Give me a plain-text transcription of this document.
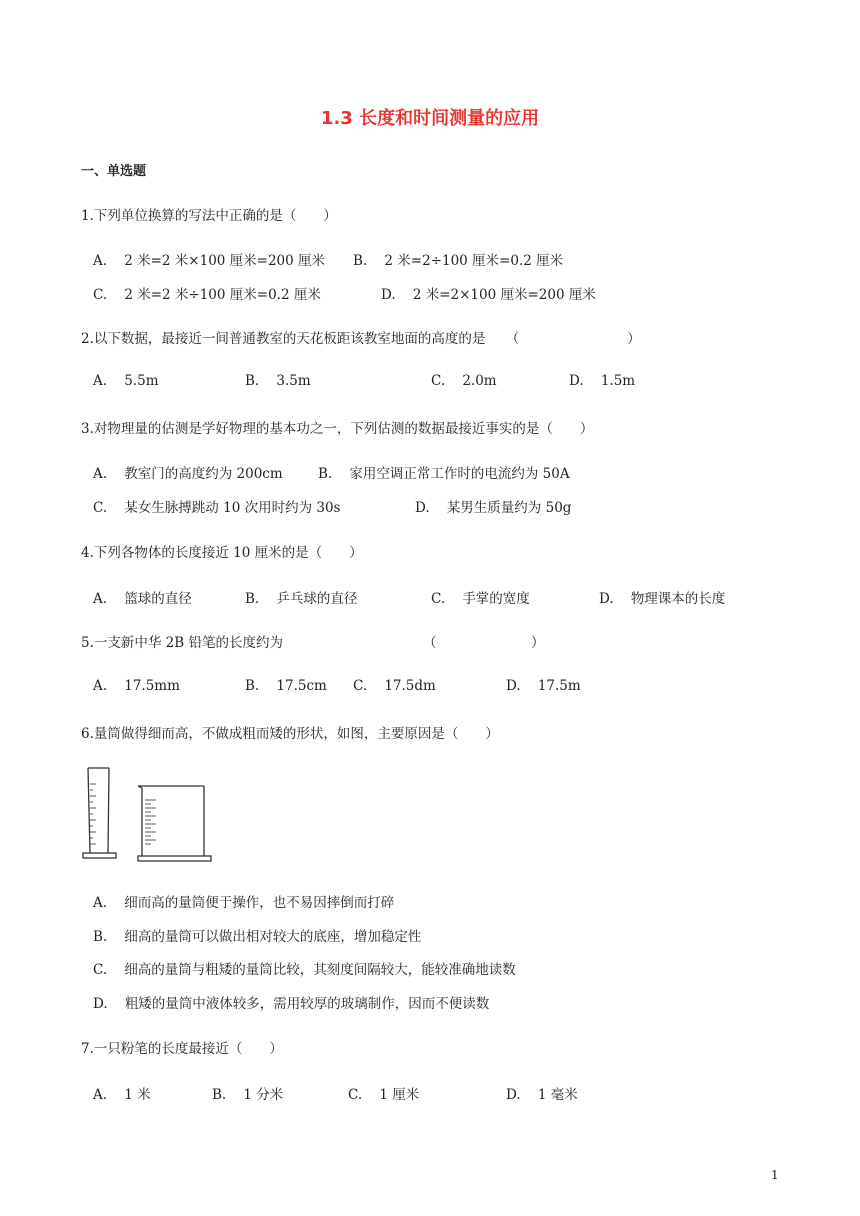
1.3 长度和时间测量的应用
一、单选题
1.下列单位换算的写法中正确的是（　　）
A. 2 米=2 米×100 厘米=200 厘米 B. 2 米=2÷100 厘米=0.2 厘米
C. 2 米=2 米÷100 厘米=0.2 厘米	D. 2 米=2×100 厘米=200 厘米
2.以下数据，最接近一间普通教室的天花板距该教室地面的高度的是　　（　　　　　　　　）
A. 5.5m	B. 3.5m	C. 2.0m	D. 1.5m
3.对物理量的估测是学好物理的基本功之一，下列估测的数据最接近事实的是（　　）
A. 教室门的高度约为 200cm	B. 家用空调正常工作时的电流约为 50A
C. 某女生脉搏跳动 10 次用时约为 30s	D. 某男生质量约为 50g
4.下列各物体的长度接近 10 厘米的是（　　）
A. 篮球的直径	B. 乒乓球的直径	C. 手掌的宽度	D. 物理课本的长度
5.一支新中华 2B 铅笔的长度约为	（　　　　　　　）
A. 17.5mm	B. 17.5cm C. 17.5dm	D. 17.5m
6.量筒做得细而高，不做成粗而矮的形状，如图，主要原因是（　　）
A. 细而高的量筒便于操作，也不易因摔倒而打碎
B. 细高的量筒可以做出相对较大的底座，增加稳定性
C. 细高的量筒与粗矮的量筒比较，其刻度间隔较大，能较准确地读数
D. 粗矮的量筒中液体较多，需用较厚的玻璃制作，因而不便读数
7.一只粉笔的长度最接近（　　）
A. 1 米	B. 1 分米	C. 1 厘米	D. 1 毫米
1
